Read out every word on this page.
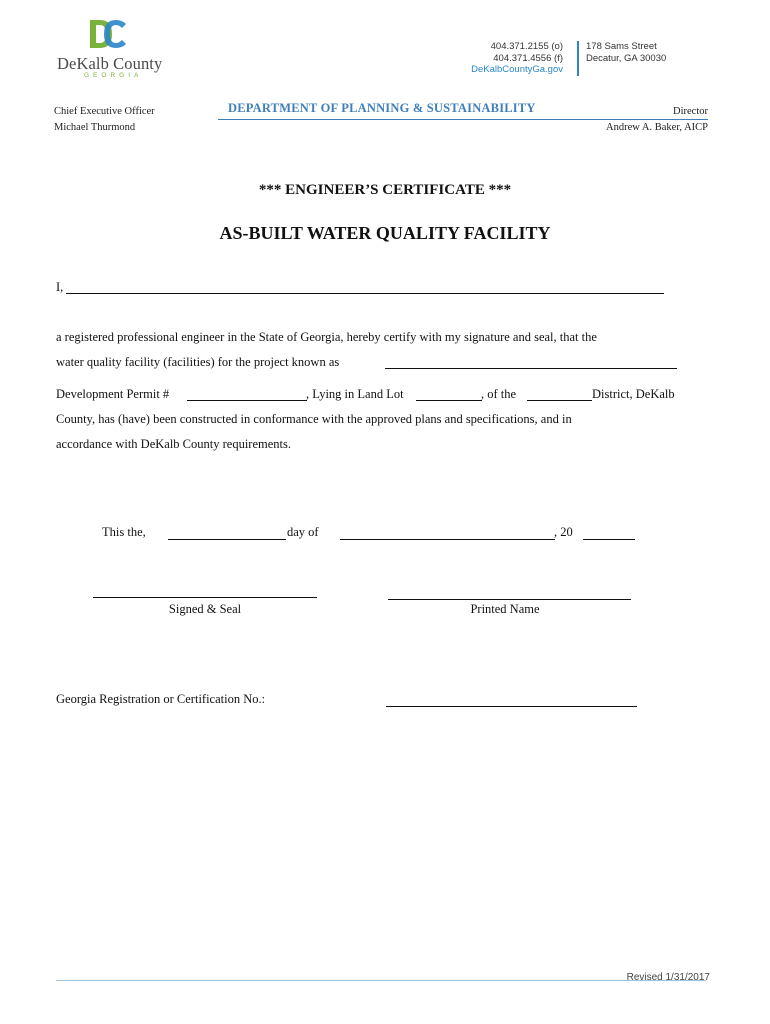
DeKalb County
GEORGIA
404.371.2155 (o)
404.371.4556 (f)
DeKalbCountyGa.gov
178 Sams Street
Decatur, GA 30030
Chief Executive Officer
Michael Thurmond
DEPARTMENT OF PLANNING & SUSTAINABILITY	Director
Andrew A. Baker, AICP
*** ENGINEER’S CERTIFICATE ***
AS-BUILT WATER QUALITY FACILITY
I,
a registered professional engineer in the State of Georgia, hereby certify with my signature and seal, that the
water quality facility (facilities) for the project known as
Development Permit #	, Lying in Land Lot	, of the	District, DeKalb
County, has (have) been constructed in conformance with the approved plans and specifications, and in
accordance with DeKalb County requirements.
This the,	day of	, 20
Signed & Seal	Printed Name
Georgia Registration or Certification No.:
Revised 1/31/2017
